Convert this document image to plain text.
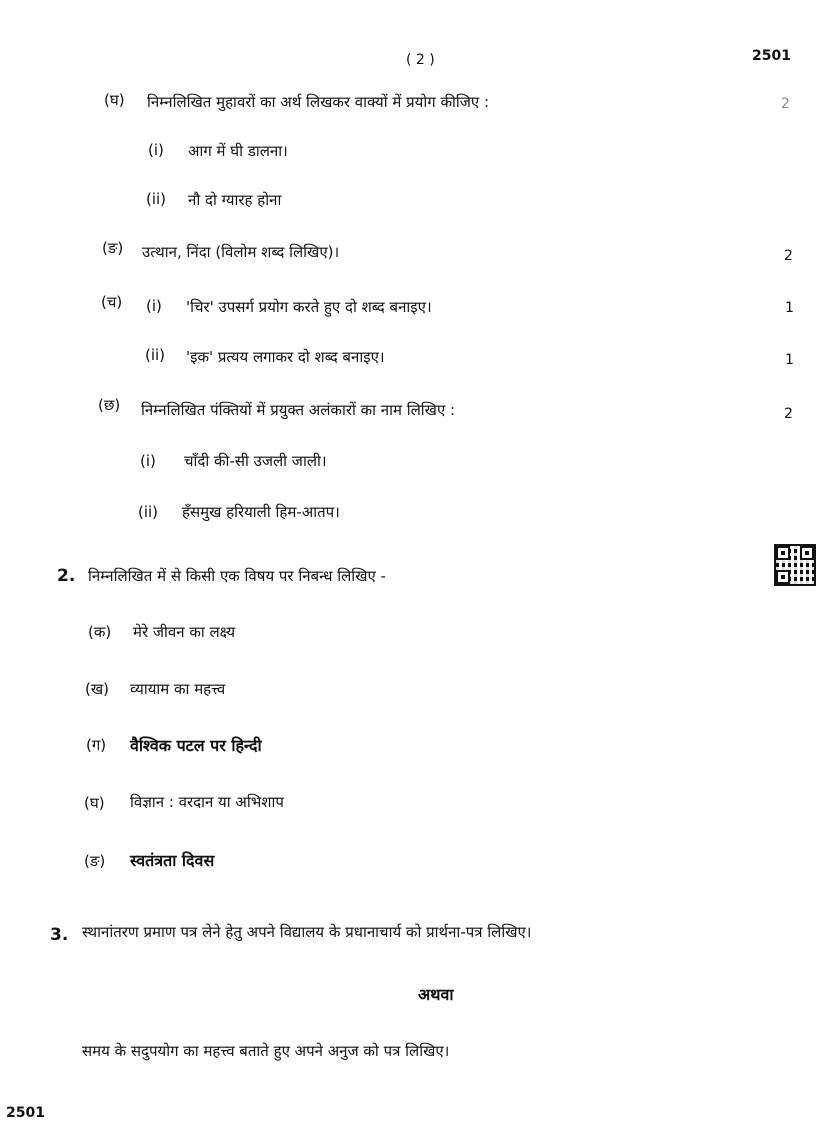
( 2 )	2501
(घ) निम्नलिखित मुहावरों का अर्थ लिखकर वाक्यों में प्रयोग कीजिए :	2
(i) आग में घी डालना।
(ii) नौ दो ग्यारह होना
(ङ) उत्थान, निंदा (विलोम शब्द लिखिए)।	2
(च) (i) 'चिर' उपसर्ग प्रयोग करते हुए दो शब्द बनाइए।	1
(ii) 'इक' प्रत्यय लगाकर दो शब्द बनाइए।	1
(छ) निम्नलिखित पंक्तियों में प्रयुक्त अलंकारों का नाम लिखिए :	2
(i) चाँदी की-सी उजली जाली।
(ii) हँसमुख हरियाली हिम-आतप।
2. निम्नलिखित में से किसी एक विषय पर निबन्ध लिखिए -
(क) मेरे जीवन का लक्ष्य
(ख) व्यायाम का महत्त्व
(ग) वैश्विक पटल पर हिन्दी
(घ) विज्ञान : वरदान या अभिशाप
(ङ) स्वतंत्रता दिवस
3. स्थानांतरण प्रमाण पत्र लेने हेतु अपने विद्यालय के प्रधानाचार्य को प्रार्थना-पत्र लिखिए।
अथवा
समय के सदुपयोग का महत्त्व बताते हुए अपने अनुज को पत्र लिखिए।
2501
